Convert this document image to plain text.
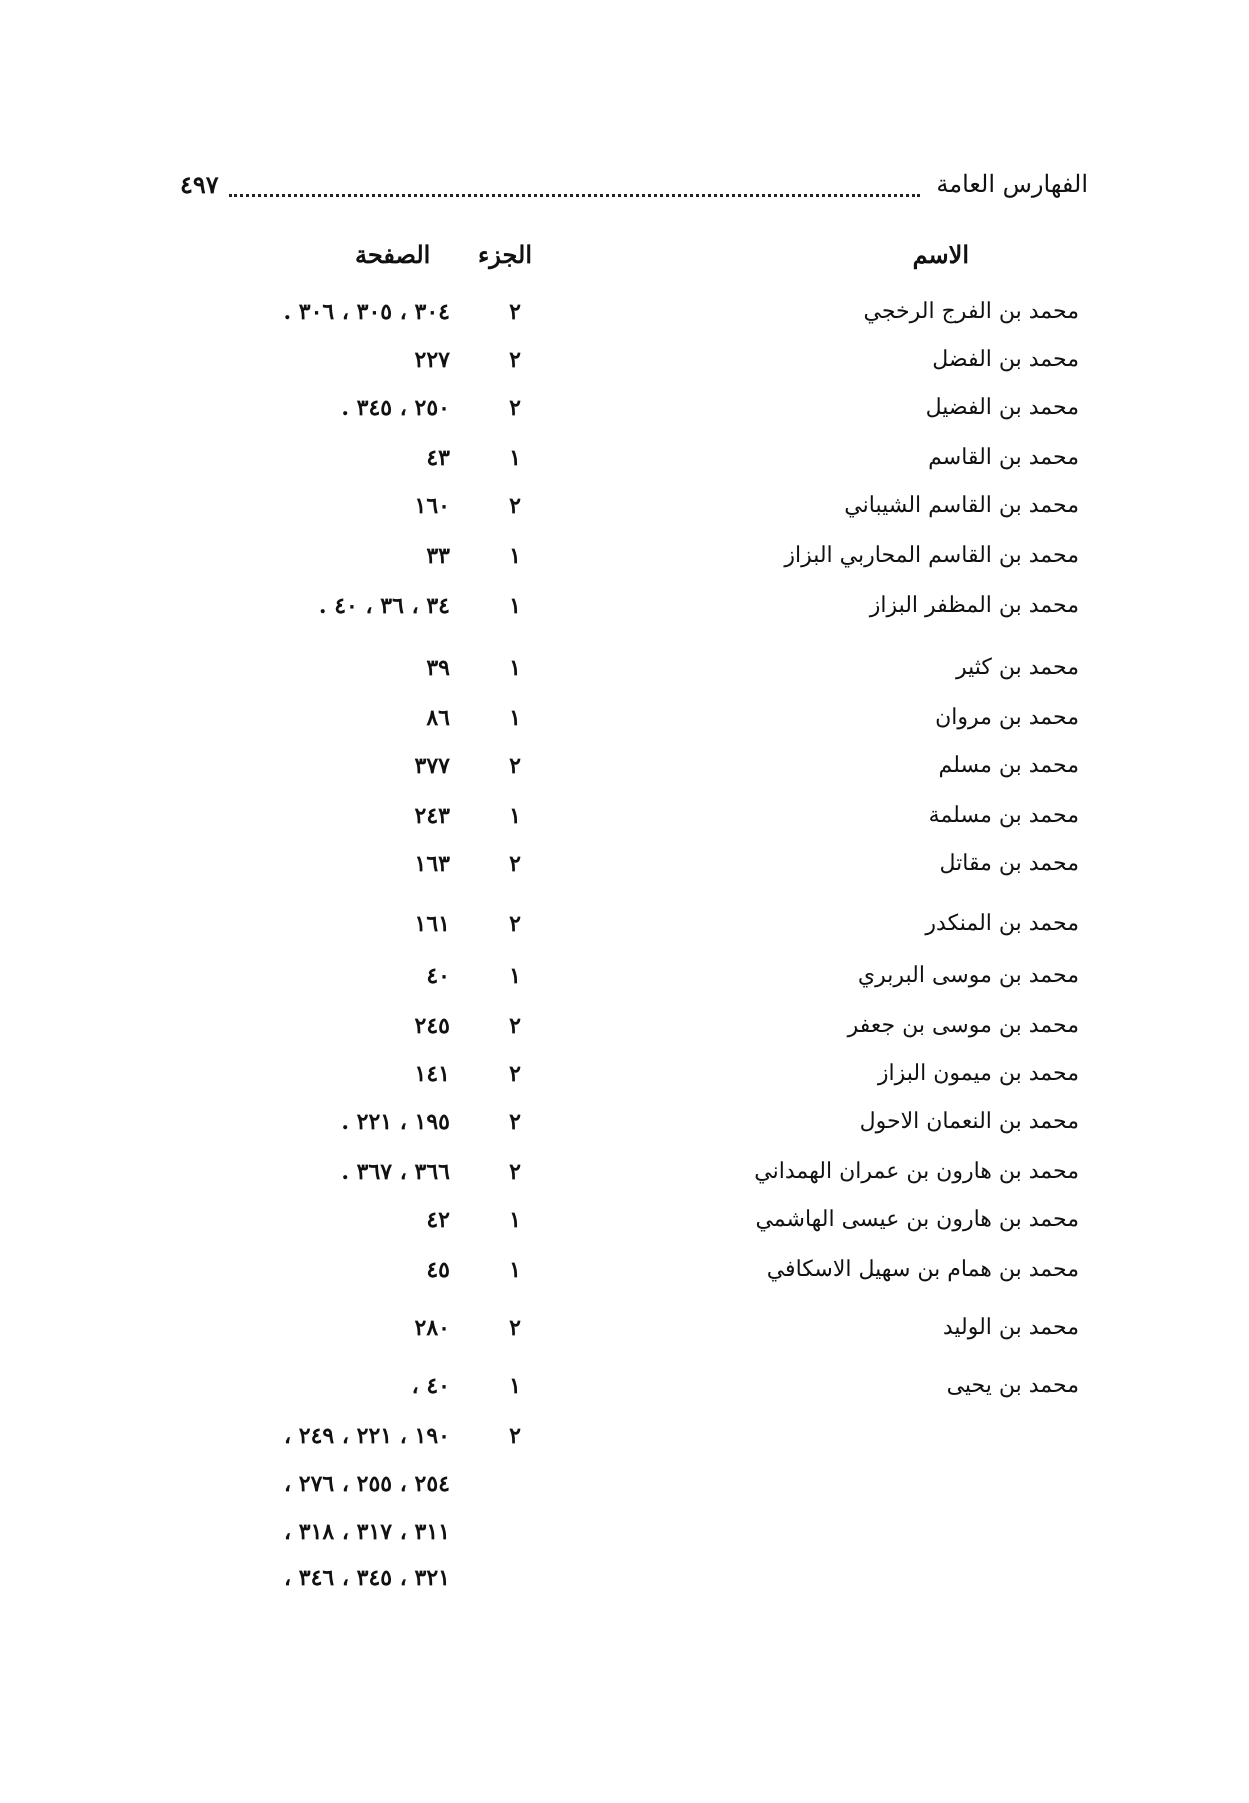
الفهارس العامة
٤٩٧
الاسم
الجزء
الصفحة
محمد بن الفرج الرخجي
٢
٣٠٤ ، ٣٠٥ ، ٣٠٦ .
محمد بن الفضل
٢
٢٢٧
محمد بن الفضيل
٢
٢٥٠ ، ٣٤٥ .
محمد بن القاسم
١
٤٣
محمد بن القاسم الشيباني
٢
١٦٠
محمد بن القاسم المحاربي البزاز
١
٣٣
محمد بن المظفر البزاز
١
٣٤ ، ٣٦ ، ٤٠ .
محمد بن كثير
١
٣٩
محمد بن مروان
١
٨٦
محمد بن مسلم
٢
٣٧٧
محمد بن مسلمة
١
٢٤٣
محمد بن مقاتل
٢
١٦٣
محمد بن المنكدر
٢
١٦١
محمد بن موسى البربري
١
٤٠
محمد بن موسى بن جعفر
٢
٢٤٥
محمد بن ميمون البزاز
٢
١٤١
محمد بن النعمان الاحول
٢
١٩٥ ، ٢٢١ .
محمد بن هارون بن عمران الهمداني
٢
٣٦٦ ، ٣٦٧ .
محمد بن هارون بن عيسى الهاشمي
١
٤٢
محمد بن همام بن سهيل الاسكافي
١
٤٥
محمد بن الوليد
٢
٢٨٠
محمد بن يحيى
١
٤٠ ،
٢
١٩٠ ، ٢٢١ ، ٢٤٩ ،
٢٥٤ ، ٢٥٥ ، ٢٧٦ ،
٣١١ ، ٣١٧ ، ٣١٨ ،
٣٢١ ، ٣٤٥ ، ٣٤٦ ،
